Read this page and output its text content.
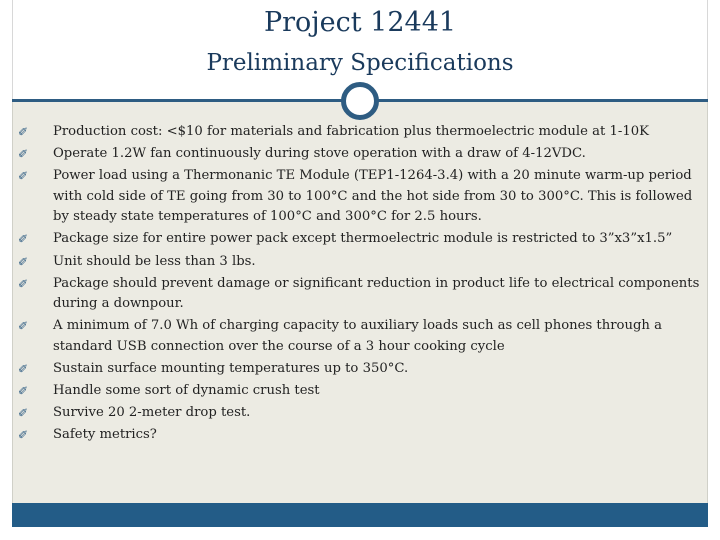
Project 12441
Preliminary Specifications
✐	Production cost: <$10 for materials and fabrication plus thermoelectric module at 1-10K
✐	Operate 1.2W fan continuously during stove operation with a draw of 4-12VDC.
✐	Power load using a Thermonanic TE Module (TEP1-1264-3.4) with a 20 minute warm-up period with cold side of TE going from 30 to 100°C and the hot side from 30 to 300°C. This is followed by steady state temperatures of 100°C and 300°C for 2.5 hours.
✐	Package size for entire power pack except thermoelectric module is restricted to 3”x3”x1.5”
✐	Unit should be less than 3 lbs.
✐	Package should prevent damage or significant reduction in product life to electrical components during a downpour.
✐	A minimum of 7.0 Wh of charging capacity to auxiliary loads such as cell phones through a standard USB connection over the course of a 3 hour cooking cycle
✐	Sustain surface mounting temperatures up to 350°C.
✐	Handle some sort of dynamic crush test
✐	Survive 20 2-meter drop test.
✐	Safety metrics?
